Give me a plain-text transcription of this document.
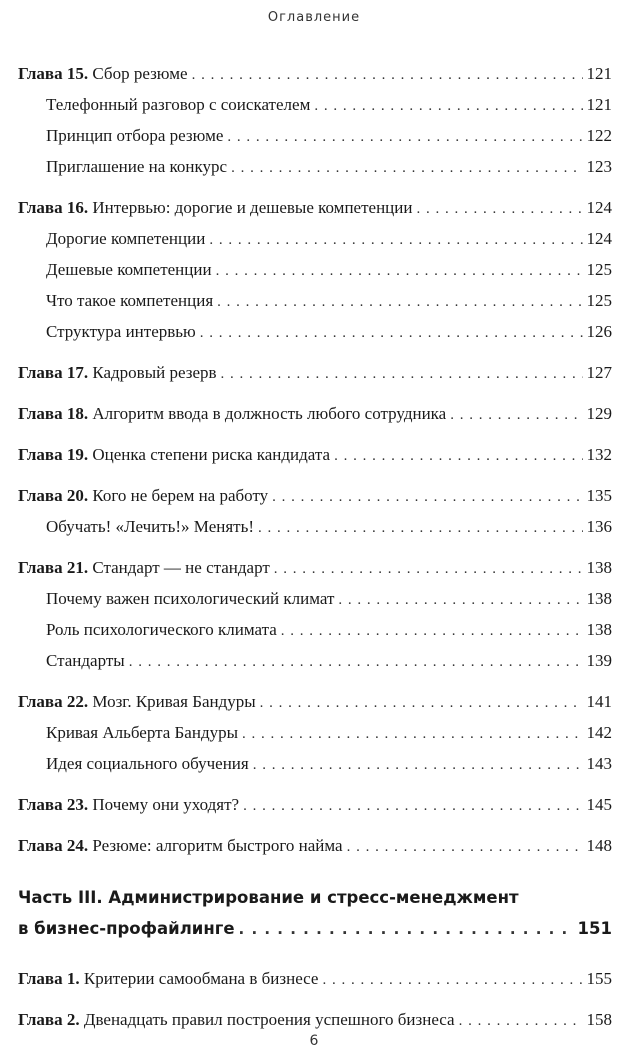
Оглавление
Глава 15. Сбор резюме . . .	121
Телефонный разговор с соискателем . . .	121
Принцип отбора резюме . . .	122
Приглашение на конкурс . . .	123
Глава 16. Интервью: дорогие и дешевые компетенции . . .	124
Дорогие компетенции . . .	124
Дешевые компетенции . . .	125
Что такое компетенция . . .	125
Структура интервью . . .	126
Глава 17. Кадровый резерв . . .	127
Глава 18. Алгоритм ввода в должность любого сотрудника . . .	129
Глава 19. Оценка степени риска кандидата . . .	132
Глава 20. Кого не берем на работу . . .	135
Обучать! «Лечить!» Менять! . . .	136
Глава 21. Стандарт — не стандарт . . .	138
Почему важен психологический климат . . .	138
Роль психологического климата . . .	138
Стандарты . . .	139
Глава 22. Мозг. Кривая Бандуры . . .	141
Кривая Альберта Бандуры . . .	142
Идея социального обучения . . .	143
Глава 23. Почему они уходят? . . .	145
Глава 24. Резюме: алгоритм быстрого найма . . .	148
Часть III. Администрирование и стресс-менеджмент
в бизнес-профайлинге . . .	151
Глава 1. Критерии самообмана в бизнесе . . .	155
Глава 2. Двенадцать правил построения успешного бизнеса . . .	158
6
